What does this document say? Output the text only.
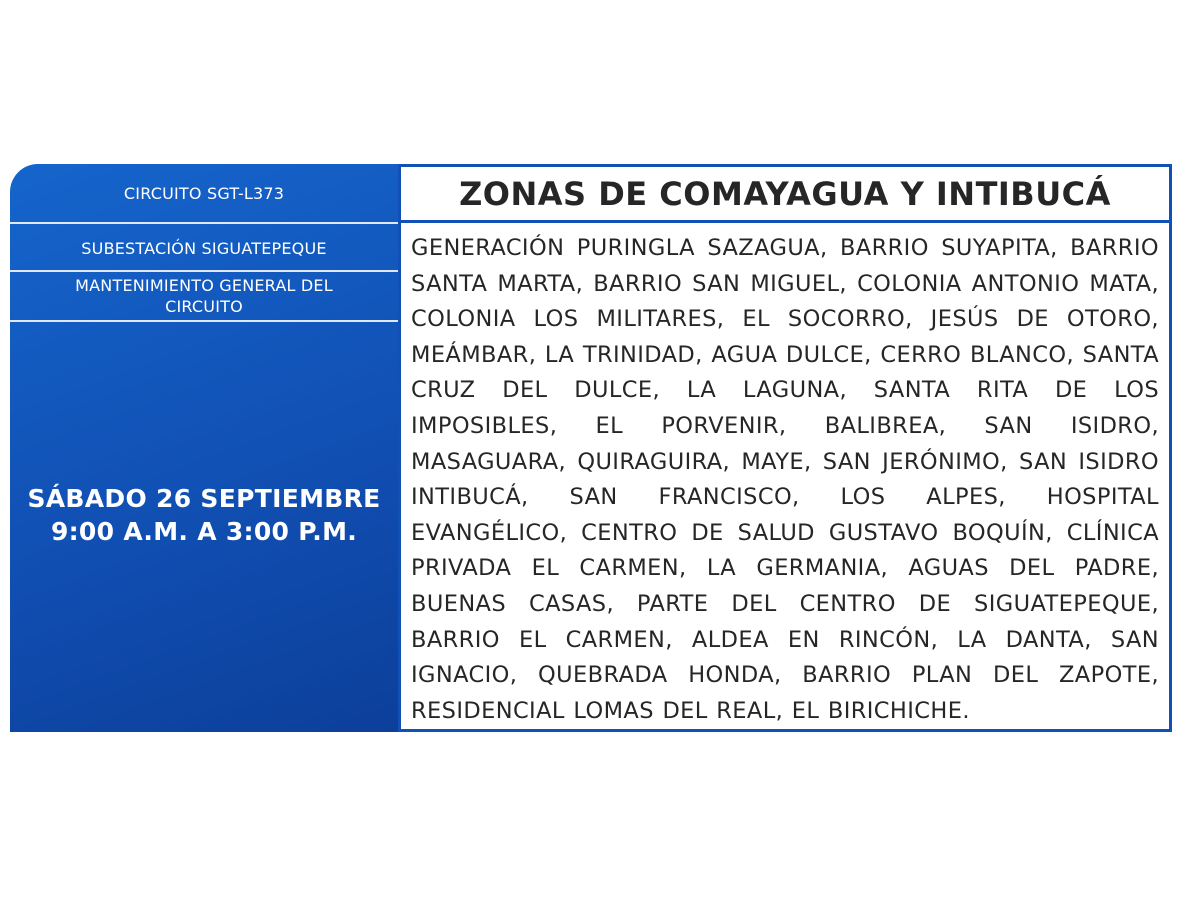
CIRCUITO SGT-L373
SUBESTACIÓN SIGUATEPEQUE
MANTENIMIENTO GENERAL DEL CIRCUITO
SÁBADO 26 SEPTIEMBRE
9:00 A.M. A 3:00 P.M.
ZONAS DE COMAYAGUA Y INTIBUCÁ
GENERACIÓN PURINGLA SAZAGUA, BARRIO SUYAPITA, BARRIO SANTA MARTA, BARRIO SAN MIGUEL, COLONIA ANTONIO MATA, COLONIA LOS MILITARES, EL SOCORRO, JESÚS DE OTORO, MEÁMBAR, LA TRINIDAD, AGUA DULCE, CERRO BLANCO, SANTA CRUZ DEL DULCE, LA LAGUNA, SANTA RITA DE LOS IMPOSIBLES, EL PORVENIR, BALIBREA, SAN ISIDRO, MASAGUARA, QUIRAGUIRA, MAYE, SAN JERÓNIMO, SAN ISIDRO INTIBUCÁ, SAN FRANCISCO, LOS ALPES, HOSPITAL EVANGÉLICO, CENTRO DE SALUD GUSTAVO BOQUÍN, CLÍNICA PRIVADA EL CARMEN, LA GERMANIA, AGUAS DEL PADRE, BUENAS CASAS, PARTE DEL CENTRO DE SIGUATEPEQUE, BARRIO EL CARMEN, ALDEA EN RINCÓN, LA DANTA, SAN IGNACIO, QUEBRADA HONDA, BARRIO PLAN DEL ZAPOTE, RESIDENCIAL LOMAS DEL REAL, EL BIRICHICHE.
